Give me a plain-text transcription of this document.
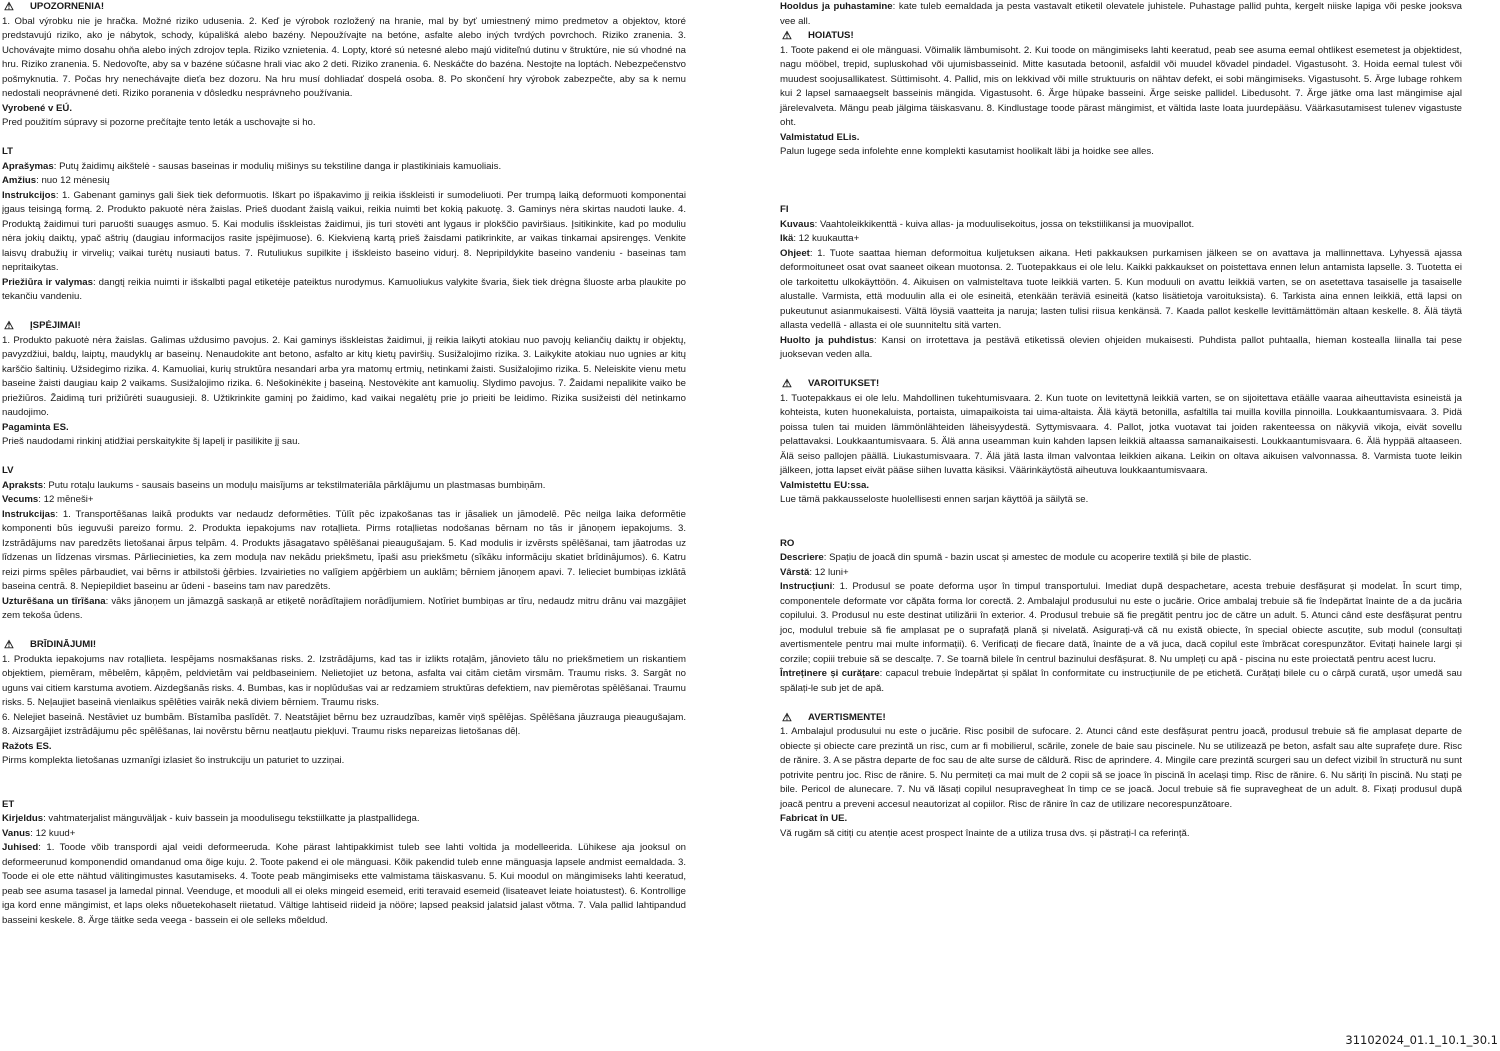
⚠	UPOZORNENIA!

1. Obal výrobku nie je hračka. Možné riziko udusenia. 2. Keď je výrobok rozložený na hranie, mal by byť umiestnený mimo predmetov a objektov, ktoré predstavujú riziko, ako je nábytok, schody, kúpališká alebo bazény. Nepoužívajte na betóne, asfalte alebo iných tvrdých povrchoch. Riziko zranenia. 3. Uchovávajte mimo dosahu ohňa alebo iných zdrojov tepla. Riziko vznietenia. 4. Lopty, ktoré sú netesné alebo majú viditeľnú dutinu v štruktúre, nie sú vhodné na hru. Riziko zranenia. 5. Nedovoľte, aby sa v bazéne súčasne hrali viac ako 2 deti. Riziko zranenia. 6. Neskáčte do bazéna. Nestojte na loptách. Nebezpečenstvo pošmyknutia. 7. Počas hry nenechávajte dieťa bez dozoru. Na hru musí dohliadať dospelá osoba. 8. Po skončení hry výrobok zabezpečte, aby sa k nemu nedostali neoprávnené deti. Riziko poranenia v dôsledku nesprávneho používania.

Vyrobené v EÚ.

Pred použitím súpravy si pozorne prečítajte tento leták a uschovajte si ho.

LT

Aprašymas: Putų žaidimų aikštelė - sausas baseinas ir modulių mišinys su tekstiline danga ir plastikiniais kamuoliais.

Amžius: nuo 12 mėnesių

Instrukcijos: 1. Gabenant gaminys gali šiek tiek deformuotis. Iškart po išpakavimo jį reikia išskleisti ir sumodeliuoti. Per trumpą laiką deformuoti komponentai įgaus teisingą formą. 2. Produkto pakuotė nėra žaislas. Prieš duodant žaislą vaikui, reikia nuimti bet kokią pakuotę. 3. Gaminys nėra skirtas naudoti lauke. 4. Produktą žaidimui turi paruošti suaugęs asmuo. 5. Kai modulis išskleistas žaidimui, jis turi stovėti ant lygaus ir plokščio paviršiaus. Įsitikinkite, kad po moduliu nėra jokių daiktų, ypač aštrių (daugiau informacijos rasite įspėjimuose). 6. Kiekvieną kartą prieš žaisdami patikrinkite, ar vaikas tinkamai apsirengęs. Venkite laisvų drabužių ir virvelių; vaikai turėtų nusiauti batus. 7. Rutuliukus supilkite į išskleisto baseino vidurį. 8. Nepripildykite baseino vandeniu - baseinas tam nepritaikytas.

Priežiūra ir valymas: dangtį reikia nuimti ir išskalbti pagal etiketėje pateiktus nurodymus. Kamuoliukus valykite švaria, šiek tiek drėgna šluoste arba plaukite po tekančiu vandeniu.

⚠	ĮSPĖJIMAI!

1. Produkto pakuotė nėra žaislas. Galimas uždusimo pavojus. 2. Kai gaminys išskleistas žaidimui, jį reikia laikyti atokiau nuo pavojų keliančių daiktų ir objektų, pavyzdžiui, baldų, laiptų, maudyklų ar baseinų. Nenaudokite ant betono, asfalto ar kitų kietų paviršių. Susižalojimo rizika. 3. Laikykite atokiau nuo ugnies ar kitų karščio šaltinių. Užsidegimo rizika. 4. Kamuoliai, kurių struktūra nesandari arba yra matomų ertmių, netinkami žaisti. Susižalojimo rizika. 5. Neleiskite vienu metu baseine žaisti daugiau kaip 2 vaikams. Susižalojimo rizika. 6. Nešokinėkite į baseiną. Nestovėkite ant kamuolių. Slydimo pavojus. 7. Žaidami nepalikite vaiko be priežiūros. Žaidimą turi prižiūrėti suaugusieji. 8. Užtikrinkite gaminį po žaidimo, kad vaikai negalėtų prie jo prieiti be leidimo. Rizika susižeisti dėl netinkamo naudojimo.

Pagaminta ES.

Prieš naudodami rinkinį atidžiai perskaitykite šį lapelį ir pasilikite jį sau.

LV

Apraksts: Putu rotaļu laukums - sausais baseins un moduļu maisījums ar tekstilmateriāla pārklājumu un plastmasas bumbiņām.

Vecums: 12 mēneši+

Instrukcijas: 1. Transportēšanas laikā produkts var nedaudz deformēties. Tūlīt pēc izpakošanas tas ir jāsaliek un jāmodelē. Pēc neilga laika deformētie komponenti būs ieguvuši pareizo formu. 2. Produkta iepakojums nav rotaļlieta. Pirms rotaļlietas nodošanas bērnam no tās ir jānoņem iepakojums. 3. Izstrādājums nav paredzēts lietošanai ārpus telpām. 4. Produkts jāsagatavo spēlēšanai pieaugušajam. 5. Kad modulis ir izvērsts spēlēšanai, tam jāatrodas uz līdzenas un līdzenas virsmas. Pārliecinieties, ka zem moduļa nav nekādu priekšmetu, īpaši asu priekšmetu (sīkāku informāciju skatiet brīdinājumos). 6. Katru reizi pirms spēles pārbaudiet, vai bērns ir atbilstoši ģērbies. Izvairieties no valīgiem apģērbiem un auklām; bērniem jānoņem apavi. 7. Ielieciet bumbiņas izklātā baseina centrā. 8. Nepiepildiet baseinu ar ūdeni - baseins tam nav paredzēts.

Uzturēšana un tīrīšana: vāks jānoņem un jāmazgā saskaņā ar etiķetē norādītajiem norādījumiem. Notīriet bumbiņas ar tīru, nedaudz mitru drānu vai mazgājiet zem tekoša ūdens.

⚠	BRĪDINĀJUMI!

1. Produkta iepakojums nav rotaļlieta. Iespējams nosmakšanas risks. 2. Izstrādājums, kad tas ir izlikts rotaļām, jānovieto tālu no priekšmetiem un riskantiem objektiem, piemēram, mēbelēm, kāpņēm, peldvietām vai peldbaseiniem. Nelietojiet uz betona, asfalta vai citām cietām virsmām. Traumu risks. 3. Sargāt no uguns vai citiem karstuma avotiem. Aizdegšanās risks. 4. Bumbas, kas ir noplūdušas vai ar redzamiem struktūras defektiem, nav piemērotas spēlēšanai. Traumu risks. 5. Neļaujiet baseinā vienlaikus spēlēties vairāk nekā diviem bērniem. Traumu risks.

6. Nelejiet baseinā. Nestāviet uz bumbām. Bīstamība paslīdēt. 7. Neatstājiet bērnu bez uzraudzības, kamēr viņš spēlējas. Spēlēšana jāuzrauga pieaugušajam. 8. Aizsargājiet izstrādājumu pēc spēlēšanas, lai novērstu bērnu neatļautu piekļuvi. Traumu risks nepareizas lietošanas dēļ.

Ražots ES.

Pirms komplekta lietošanas uzmanīgi izlasiet šo instrukciju un paturiet to uzziņai.

ET

Kirjeldus: vahtmaterjalist mänguväljak - kuiv bassein ja moodulisegu tekstiilkatte ja plastpallidega.

Vanus: 12 kuud+

Juhised: 1. Toode võib transpordi ajal veidi deformeeruda. Kohe pärast lahtipakkimist tuleb see lahti voltida ja modelleerida. Lühikese aja jooksul on deformeerunud komponendid omandanud oma õige kuju. 2. Toote pakend ei ole mänguasi. Kõik pakendid tuleb enne mänguasja lapsele andmist eemaldada. 3. Toode ei ole ette nähtud välitingimustes kasutamiseks. 4. Toote peab mängimiseks ette valmistama täiskasvanu. 5. Kui moodul on mängimiseks lahti keeratud, peab see asuma tasasel ja lamedal pinnal. Veenduge, et mooduli all ei oleks mingeid esemeid, eriti teravaid esemeid (lisateavet leiate hoiatustest). 6. Kontrollige iga kord enne mängimist, et laps oleks nõuetekohaselt riietatud. Vältige lahtiseid riideid ja nööre; lapsed peaksid jalatsid jalast võtma. 7. Vala pallid lahtipandud basseini keskele. 8. Ärge täitke seda veega - bassein ei ole selleks mõeldud.

Hooldus ja puhastamine: kate tuleb eemaldada ja pesta vastavalt etiketil olevatele juhistele. Puhastage pallid puhta, kergelt niiske lapiga või peske jooksva vee all.

⚠	HOIATUS!

1. Toote pakend ei ole mänguasi. Võimalik lämbumisoht. 2. Kui toode on mängimiseks lahti keeratud, peab see asuma eemal ohtlikest esemetest ja objektidest, nagu mööbel, trepid, supluskohad või ujumisbasseinid. Mitte kasutada betoonil, asfaldil või muudel kõvadel pindadel. Vigastusoht. 3. Hoida eemal tulest või muudest soojusallikatest. Süttimisoht. 4. Pallid, mis on lekkivad või mille struktuuris on nähtav defekt, ei sobi mängimiseks. Vigastusoht. 5. Ärge lubage rohkem kui 2 lapsel samaaegselt basseinis mängida. Vigastusoht. 6. Ärge hüpake basseini. Ärge seiske pallidel. Libedusoht. 7. Ärge jätke oma last mängimise ajal järelevalveta. Mängu peab jälgima täiskasvanu. 8. Kindlustage toode pärast mängimist, et vältida laste loata juurdepääsu. Väärkasutamisest tulenev vigastuste oht.

Valmistatud ELis.

Palun lugege seda infolehte enne komplekti kasutamist hoolikalt läbi ja hoidke see alles.

FI

Kuvaus: Vaahtoleikkikenttä - kuiva allas- ja moduulisekoitus, jossa on tekstiilikansi ja muovipallot.

Ikä: 12 kuukautta+

Ohjeet: 1. Tuote saattaa hieman deformoitua kuljetuksen aikana. Heti pakkauksen purkamisen jälkeen se on avattava ja mallinnettava. Lyhyessä ajassa deformoituneet osat ovat saaneet oikean muotonsa. 2. Tuotepakkaus ei ole lelu. Kaikki pakkaukset on poistettava ennen lelun antamista lapselle. 3. Tuotetta ei ole tarkoitettu ulkokäyttöön. 4. Aikuisen on valmisteltava tuote leikkiä varten. 5. Kun moduuli on avattu leikkiä varten, se on asetettava tasaiselle ja tasaiselle alustalle. Varmista, että moduulin alla ei ole esineitä, etenkään teräviä esineitä (katso lisätietoja varoituksista). 6. Tarkista aina ennen leikkiä, että lapsi on pukeutunut asianmukaisesti. Vältä löysiä vaatteita ja naruja; lasten tulisi riisua kenkänsä. 7. Kaada pallot keskelle levittämättömän altaan keskelle. 8. Älä täytä allasta vedellä - allasta ei ole suunniteltu sitä varten.

Huolto ja puhdistus: Kansi on irrotettava ja pestävä etiketissä olevien ohjeiden mukaisesti. Puhdista pallot puhtaalla, hieman kostealla liinalla tai pese juoksevan veden alla.

⚠	VAROITUKSET!

1. Tuotepakkaus ei ole lelu. Mahdollinen tukehtumisvaara. 2. Kun tuote on levitettynä leikkiä varten, se on sijoitettava etäälle vaaraa aiheuttavista esineistä ja kohteista, kuten huonekaluista, portaista, uimapaikoista tai uima-altaista. Älä käytä betonilla, asfaltilla tai muilla kovilla pinnoilla. Loukkaantumisvaara. 3. Pidä poissa tulen tai muiden lämmönlähteiden läheisyydestä. Syttymisvaara. 4. Pallot, jotka vuotavat tai joiden rakenteessa on näkyviä vikoja, eivät sovellu pelattavaksi. Loukkaantumisvaara. 5. Älä anna useamman kuin kahden lapsen leikkiä altaassa samanaikaisesti. Loukkaantumisvaara. 6. Älä hyppää altaaseen. Älä seiso pallojen päällä. Liukastumisvaara. 7. Älä jätä lasta ilman valvontaa leikkien aikana. Leikin on oltava aikuisen valvonnassa. 8. Varmista tuote leikin jälkeen, jotta lapset eivät pääse siihen luvatta käsiksi. Väärinkäytöstä aiheutuva loukkaantumisvaara.

Valmistettu EU:ssa.

Lue tämä pakkausseloste huolellisesti ennen sarjan käyttöä ja säilytä se.

RO

Descriere: Spațiu de joacă din spumă - bazin uscat și amestec de module cu acoperire textilă și bile de plastic.

Vârstă: 12 luni+

Instrucțiuni: 1. Produsul se poate deforma ușor în timpul transportului. Imediat după despachetare, acesta trebuie desfășurat și modelat. În scurt timp, componentele deformate vor căpăta forma lor corectă. 2. Ambalajul produsului nu este o jucărie. Orice ambalaj trebuie să fie îndepărtat înainte de a da jucăria copilului. 3. Produsul nu este destinat utilizării în exterior. 4. Produsul trebuie să fie pregătit pentru joc de către un adult. 5. Atunci când este desfășurat pentru joc, modulul trebuie să fie amplasat pe o suprafață plană și nivelată. Asigurați-vă că nu există obiecte, în special obiecte ascuțite, sub modul (consultați avertismentele pentru mai multe informații). 6. Verificați de fiecare dată, înainte de a vă juca, dacă copilul este îmbrăcat corespunzător. Evitați hainele largi și corzile; copiii trebuie să se descalțe. 7. Se toarnă bilele în centrul bazinului desfășurat. 8. Nu umpleți cu apă - piscina nu este proiectată pentru acest lucru.

Întreținere și curățare: capacul trebuie îndepărtat și spălat în conformitate cu instrucțiunile de pe etichetă. Curățați bilele cu o cârpă curată, ușor umedă sau spălați-le sub jet de apă.

⚠	AVERTISMENTE!

1. Ambalajul produsului nu este o jucărie. Risc posibil de sufocare. 2. Atunci când este desfășurat pentru joacă, produsul trebuie să fie amplasat departe de obiecte și obiecte care prezintă un risc, cum ar fi mobilierul, scările, zonele de baie sau piscinele. Nu se utilizează pe beton, asfalt sau alte suprafețe dure. Risc de rănire. 3. A se păstra departe de foc sau de alte surse de căldură. Risc de aprindere. 4. Mingile care prezintă scurgeri sau un defect vizibil în structură nu sunt potrivite pentru joc. Risc de rănire. 5. Nu permiteți ca mai mult de 2 copii să se joace în piscină în același timp. Risc de rănire. 6. Nu săriți în piscină. Nu stați pe bile. Pericol de alunecare. 7. Nu vă lăsați copilul nesupravegheat în timp ce se joacă. Jocul trebuie să fie supravegheat de un adult. 8. Fixați produsul după joacă pentru a preveni accesul neautorizat al copiilor. Risc de rănire în caz de utilizare necorespunzătoare.

Fabricat în UE.

Vă rugăm să citiți cu atenție acest prospect înainte de a utiliza trusa dvs. și păstrați-l ca referință.

31102024_01.1_10.1_30.1
